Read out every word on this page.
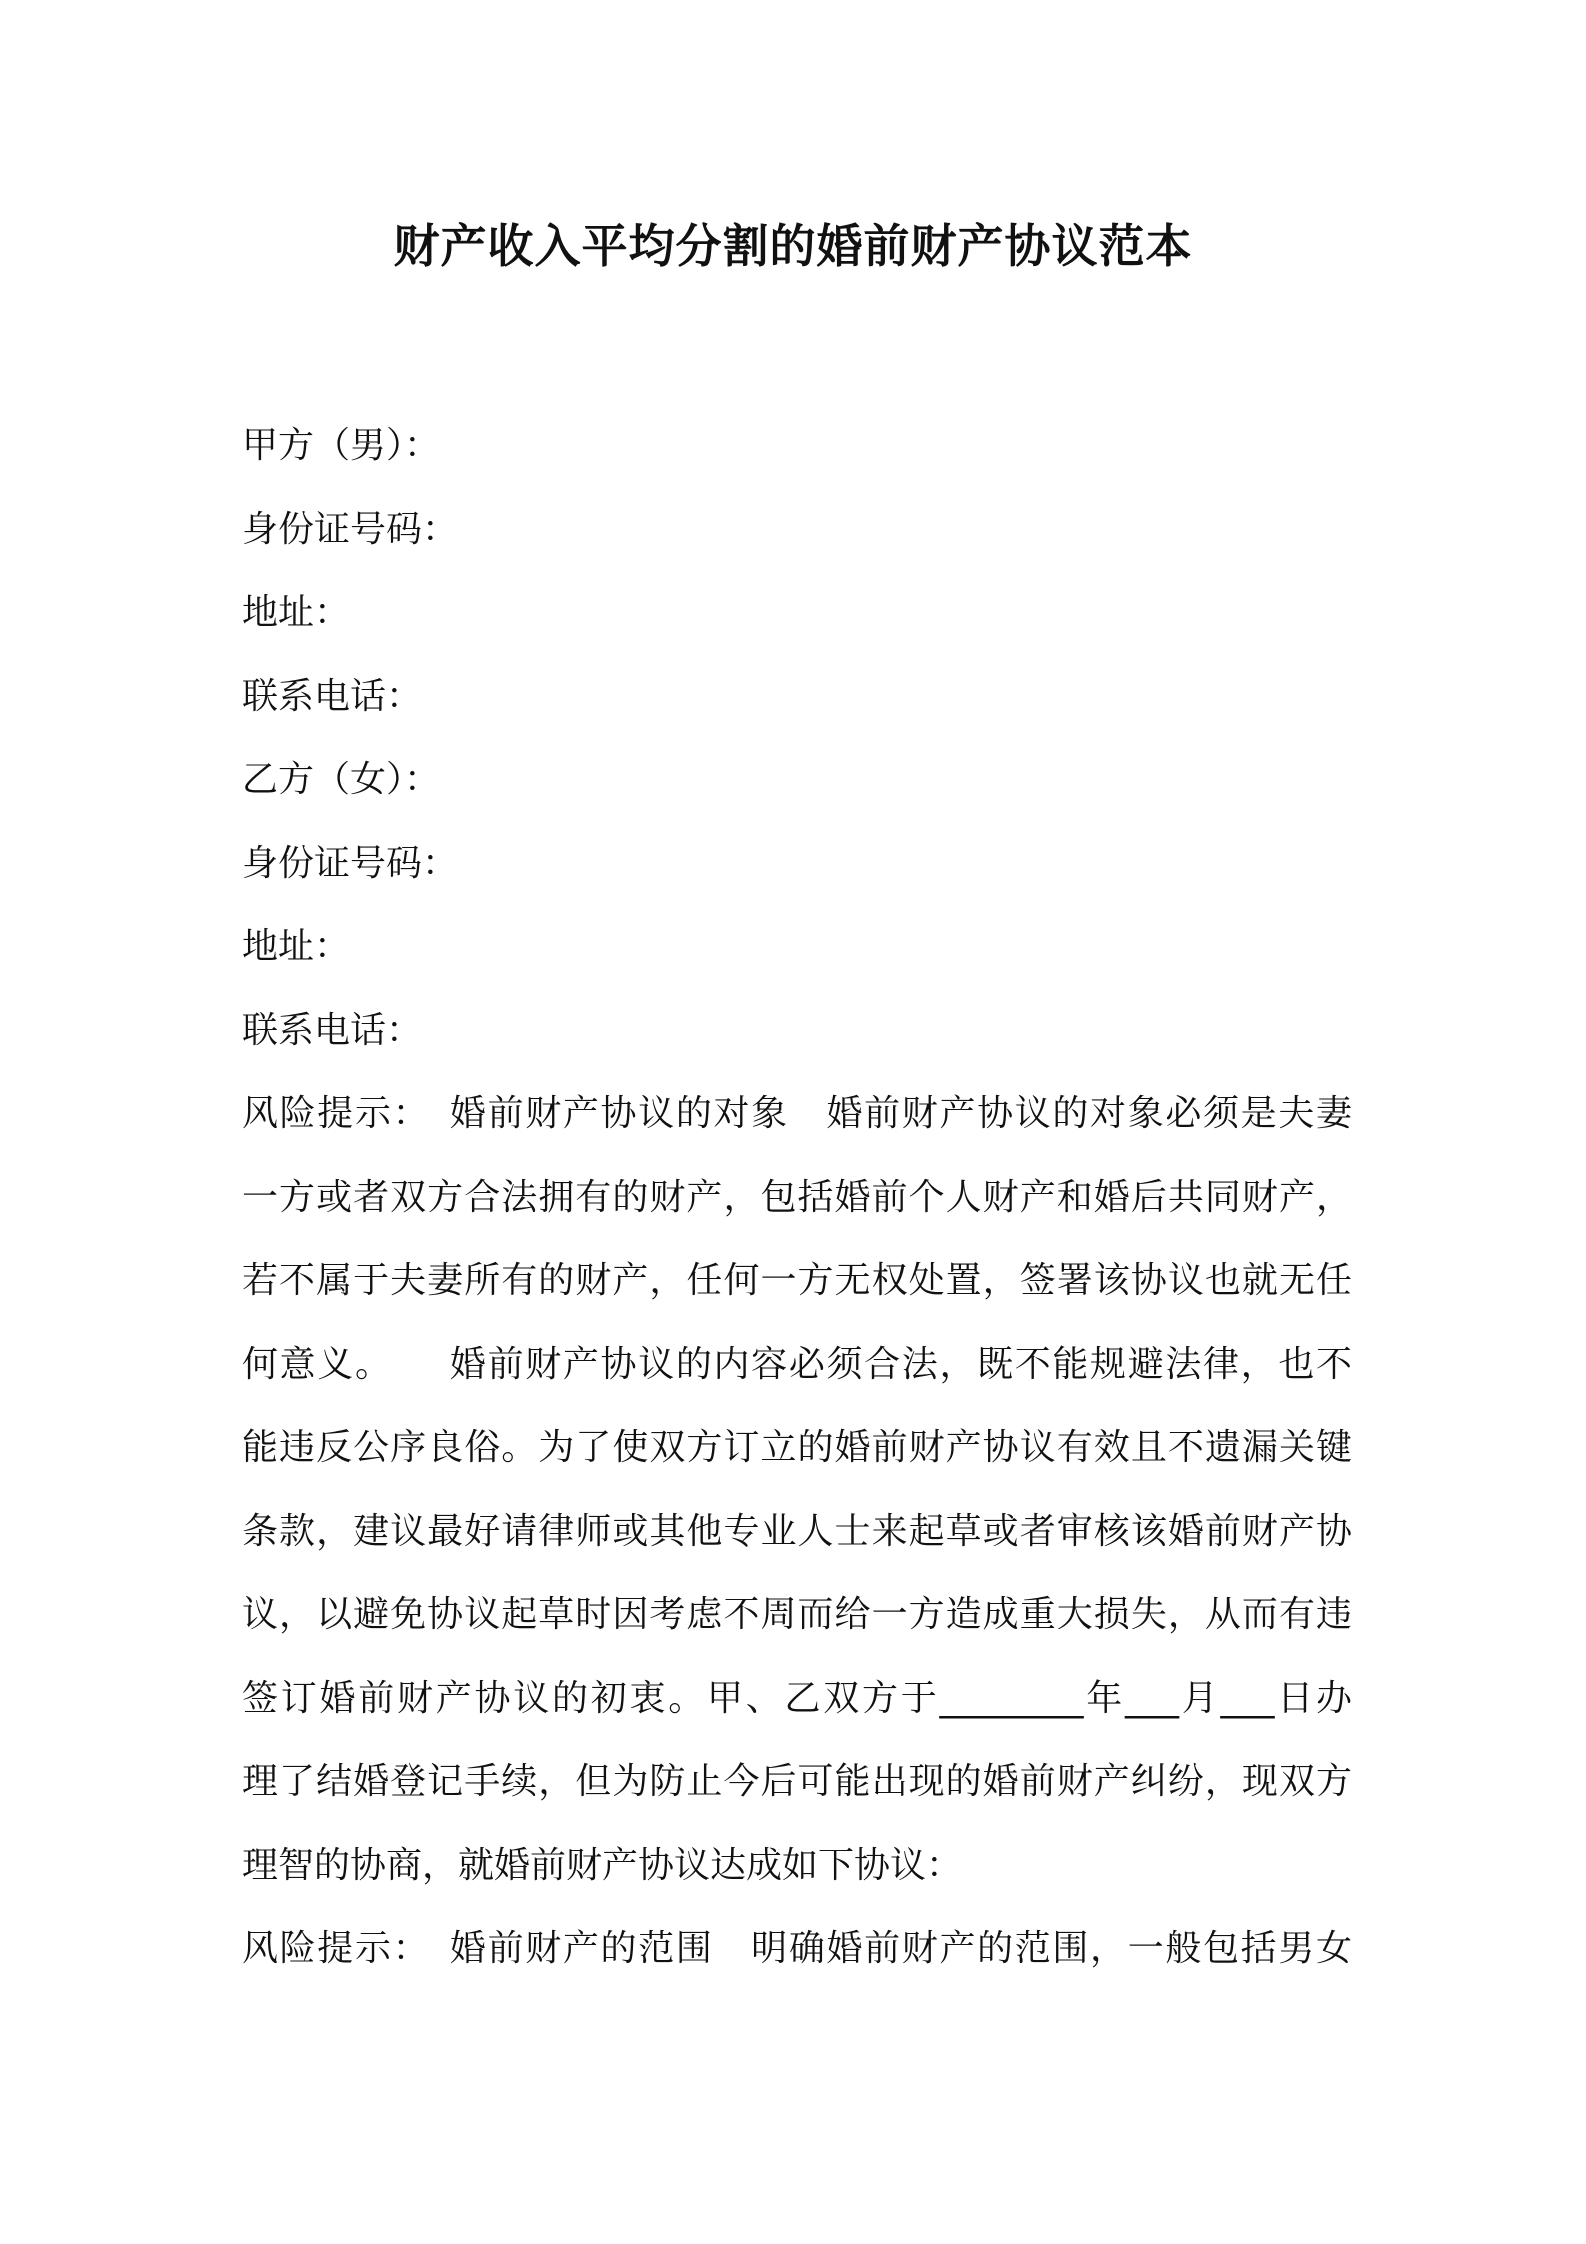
财产收入平均分割的婚前财产协议范本
甲方（男）：
身份证号码：
地址：
联系电话：
乙方（女）：
身份证号码：
地址：
联系电话：
风险提示：　婚前财产协议的对象　婚前财产协议的对象必须是夫妻
一方或者双方合法拥有的财产，包括婚前个人财产和婚后共同财产，
若不属于夫妻所有的财产，任何一方无权处置，签署该协议也就无任
何意义。　　婚前财产协议的内容必须合法，既不能规避法律，也不
能违反公序良俗。为了使双方订立的婚前财产协议有效且不遗漏关键
条款，建议最好请律师或其他专业人士来起草或者审核该婚前财产协
议，以避免协议起草时因考虑不周而给一方造成重大损失，从而有违
签订婚前财产协议的初衷。甲、乙双方于________年___月___日办
理了结婚登记手续，但为防止今后可能出现的婚前财产纠纷，现双方
理智的协商，就婚前财产协议达成如下协议：
风险提示：　婚前财产的范围　明确婚前财产的范围，一般包括男女
